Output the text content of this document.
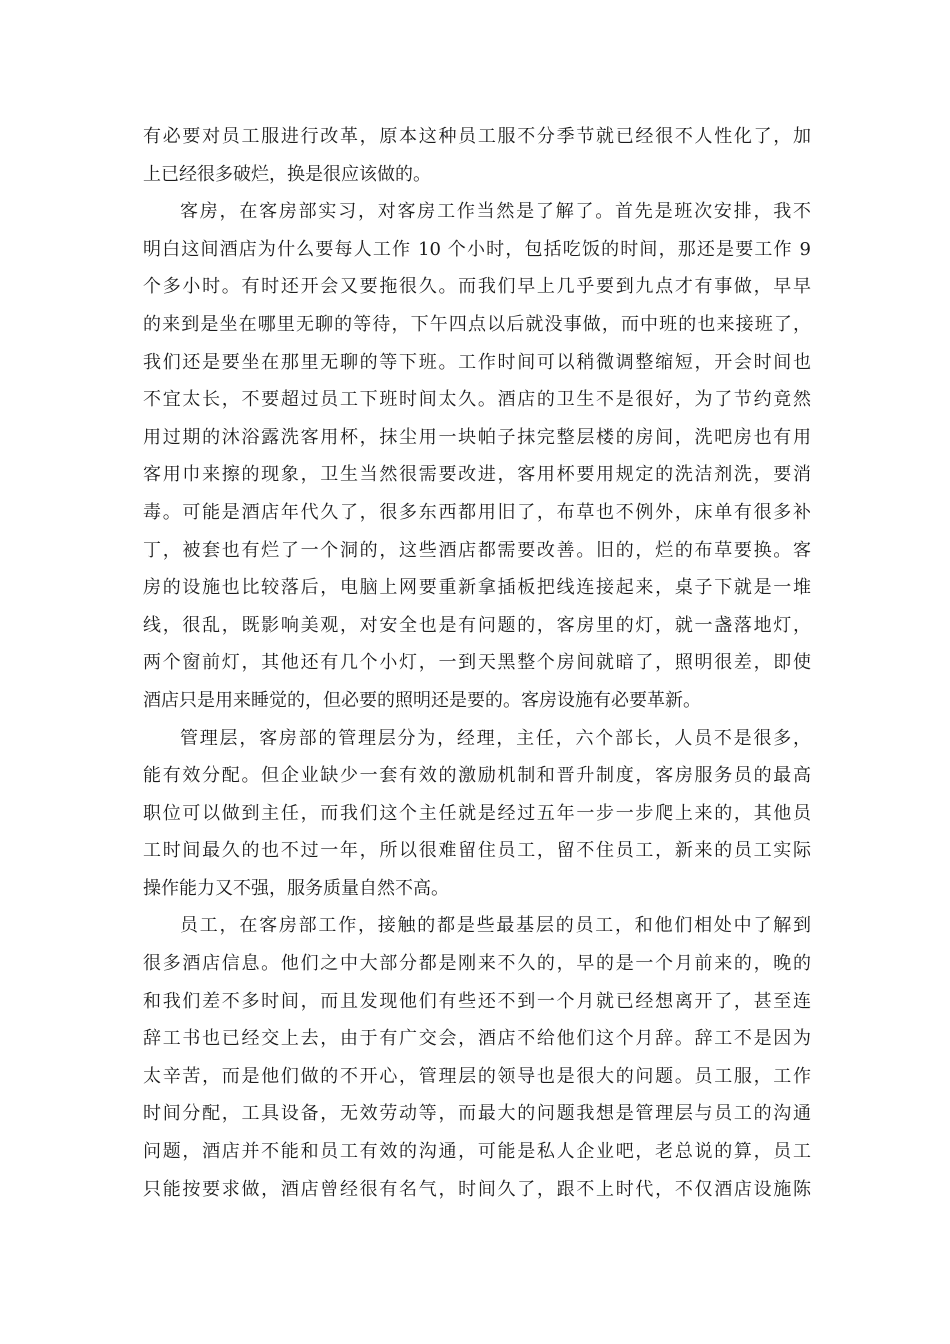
有必要对员工服进行改革，原本这种员工服不分季节就已经很不人性化了，加
上已经很多破烂，换是很应该做的。
客房，在客房部实习，对客房工作当然是了解了。首先是班次安排，我不
明白这间酒店为什么要每人工作 10 个小时，包括吃饭的时间，那还是要工作 9
个多小时。有时还开会又要拖很久。而我们早上几乎要到九点才有事做，早早
的来到是坐在哪里无聊的等待，下午四点以后就没事做，而中班的也来接班了，
我们还是要坐在那里无聊的等下班。工作时间可以稍微调整缩短，开会时间也
不宜太长，不要超过员工下班时间太久。酒店的卫生不是很好，为了节约竟然
用过期的沐浴露洗客用杯，抹尘用一块帕子抹完整层楼的房间，洗吧房也有用
客用巾来擦的现象，卫生当然很需要改进，客用杯要用规定的洗洁剂洗，要消
毒。可能是酒店年代久了，很多东西都用旧了，布草也不例外，床单有很多补
丁，被套也有烂了一个洞的，这些酒店都需要改善。旧的，烂的布草要换。客
房的设施也比较落后，电脑上网要重新拿插板把线连接起来，桌子下就是一堆
线，很乱，既影响美观，对安全也是有问题的，客房里的灯，就一盏落地灯，
两个窗前灯，其他还有几个小灯，一到天黑整个房间就暗了，照明很差，即使
酒店只是用来睡觉的，但必要的照明还是要的。客房设施有必要革新。
管理层，客房部的管理层分为，经理，主任，六个部长，人员不是很多，
能有效分配。但企业缺少一套有效的激励机制和晋升制度，客房服务员的最高
职位可以做到主任，而我们这个主任就是经过五年一步一步爬上来的，其他员
工时间最久的也不过一年，所以很难留住员工，留不住员工，新来的员工实际
操作能力又不强，服务质量自然不高。
员工，在客房部工作，接触的都是些最基层的员工，和他们相处中了解到
很多酒店信息。他们之中大部分都是刚来不久的，早的是一个月前来的，晚的
和我们差不多时间，而且发现他们有些还不到一个月就已经想离开了，甚至连
辞工书也已经交上去，由于有广交会，酒店不给他们这个月辞。辞工不是因为
太辛苦，而是他们做的不开心，管理层的领导也是很大的问题。员工服，工作
时间分配，工具设备，无效劳动等，而最大的问题我想是管理层与员工的沟通
问题，酒店并不能和员工有效的沟通，可能是私人企业吧，老总说的算，员工
只能按要求做，酒店曾经很有名气，时间久了，跟不上时代，不仅酒店设施陈
